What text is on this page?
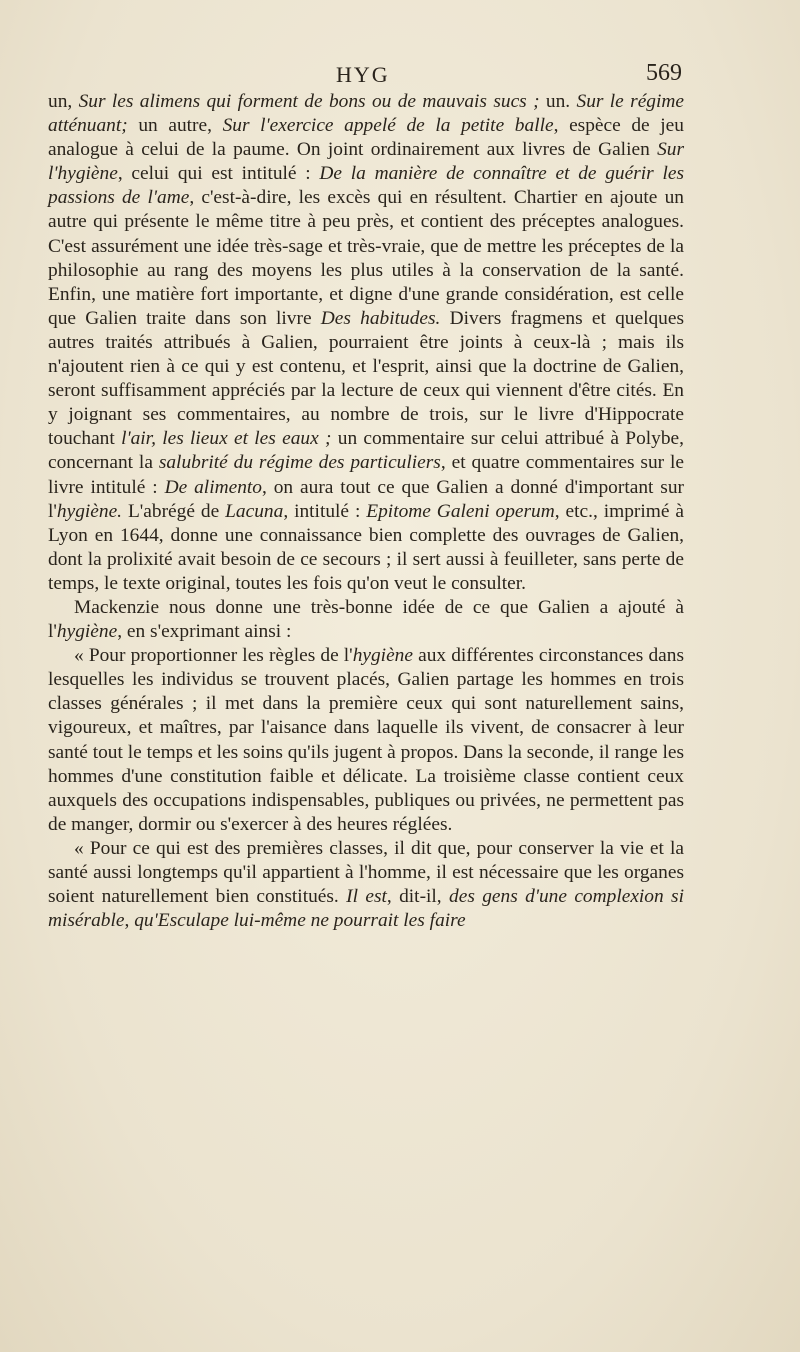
HYG	569

un, Sur les alimens qui forment de bons ou de mauvais sucs ; un. Sur le régime atténuant; un autre, Sur l'exercice appelé de la petite balle, espèce de jeu analogue à celui de la paume. On joint ordinairement aux livres de Galien Sur l'hygiène, celui qui est intitulé : De la manière de connaître et de guérir les passions de l'ame, c'est-à-dire, les excès qui en résultent. Chartier en ajoute un autre qui présente le même titre à peu près, et contient des préceptes analogues. C'est assurément une idée très-sage et très-vraie, que de mettre les préceptes de la philosophie au rang des moyens les plus utiles à la conservation de la santé. Enfin, une matière fort importante, et digne d'une grande considération, est celle que Galien traite dans son livre Des habitudes. Divers fragmens et quelques autres traités attribués à Galien, pourraient être joints à ceux-là ; mais ils n'ajoutent rien à ce qui y est contenu, et l'esprit, ainsi que la doctrine de Galien, seront suffisamment appréciés par la lecture de ceux qui viennent d'être cités. En y joignant ses commentaires, au nombre de trois, sur le livre d'Hippocrate touchant l'air, les lieux et les eaux ; un commentaire sur celui attribué à Polybe, concernant la salubrité du régime des particuliers, et quatre commentaires sur le livre intitulé : De alimento, on aura tout ce que Galien a donné d'important sur l'hygiène. L'abrégé de Lacuna, intitulé : Epitome Galeni operum, etc., imprimé à Lyon en 1644, donne une connaissance bien complette des ouvrages de Galien, dont la prolixité avait besoin de ce secours ; il sert aussi à feuilleter, sans perte de temps, le texte original, toutes les fois qu'on veut le consulter.

Mackenzie nous donne une très-bonne idée de ce que Galien a ajouté à l'hygiène, en s'exprimant ainsi :

« Pour proportionner les règles de l'hygiène aux différentes circonstances dans lesquelles les individus se trouvent placés, Galien partage les hommes en trois classes générales ; il met dans la première ceux qui sont naturellement sains, vigoureux, et maîtres, par l'aisance dans laquelle ils vivent, de consacrer à leur santé tout le temps et les soins qu'ils jugent à propos. Dans la seconde, il range les hommes d'une constitution faible et délicate. La troisième classe contient ceux auxquels des occupations indispensables, publiques ou privées, ne permettent pas de manger, dormir ou s'exercer à des heures réglées.

« Pour ce qui est des premières classes, il dit que, pour conserver la vie et la santé aussi longtemps qu'il appartient à l'homme, il est nécessaire que les organes soient naturellement bien constitués. Il est, dit-il, des gens d'une complexion si misérable, qu'Esculape lui-même ne pourrait les faire
